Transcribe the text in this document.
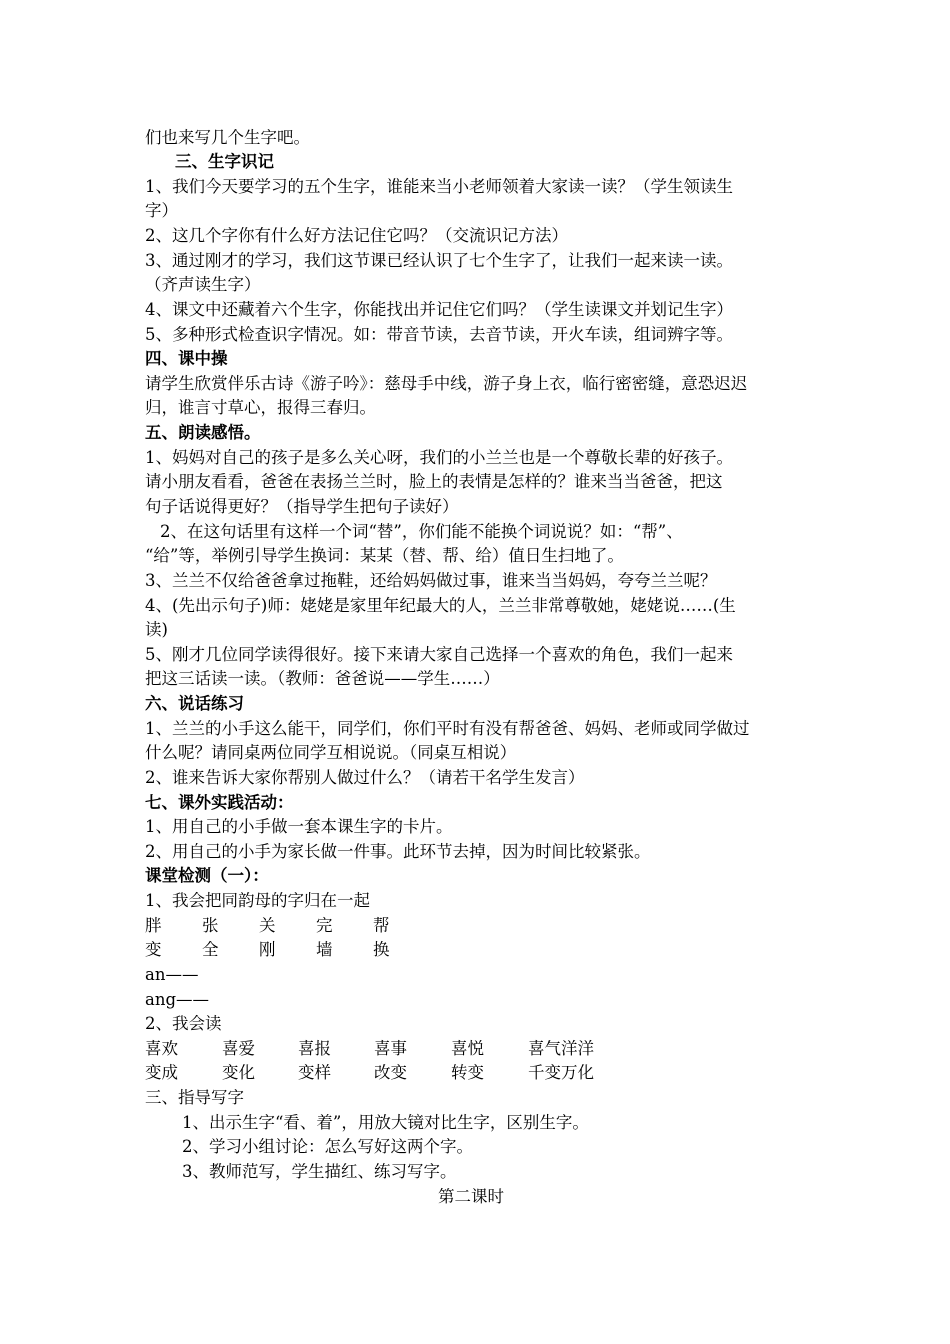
们也来写几个生字吧。

三、生字识记

1、我们今天要学习的五个生字，谁能来当小老师领着大家读一读？（学生领读生

字）

2、这几个字你有什么好方法记住它吗？（交流识记方法）

3、通过刚才的学习，我们这节课已经认识了七个生字了，让我们一起来读一读。

（齐声读生字）

4、课文中还藏着六个生字，你能找出并记住它们吗？（学生读课文并划记生字）

5、多种形式检查识字情况。如：带音节读，去音节读，开火车读，组词辨字等。

四、课中操

请学生欣赏伴乐古诗《游子吟》：慈母手中线，游子身上衣，临行密密缝，意恐迟迟

归，谁言寸草心，报得三春归。

五、朗读感悟。

1、妈妈对自己的孩子是多么关心呀，我们的小兰兰也是一个尊敬长辈的好孩子。

请小朋友看看，爸爸在表扬兰兰时，脸上的表情是怎样的？谁来当当爸爸，把这

句子话说得更好？（指导学生把句子读好）

2、在这句话里有这样一个词“替”，你们能不能换个词说说？如：“帮”、

“给”等，举例引导学生换词：某某（替、帮、给）值日生扫地了。

3、兰兰不仅给爸爸拿过拖鞋，还给妈妈做过事，谁来当当妈妈，夸夸兰兰呢？

4、(先出示句子)师：姥姥是家里年纪最大的人，兰兰非常尊敬她，姥姥说……(生

读)

5、刚才几位同学读得很好。接下来请大家自己选择一个喜欢的角色，我们一起来

把这三话读一读。（教师：爸爸说——学生……）

六、说话练习

1、兰兰的小手这么能干，同学们，你们平时有没有帮爸爸、妈妈、老师或同学做过

什么呢？请同桌两位同学互相说说。（同桌互相说）

2、谁来告诉大家你帮别人做过什么？（请若干名学生发言）

七、课外实践活动：

1、用自己的小手做一套本课生字的卡片。

2、用自己的小手为家长做一件事。此环节去掉，因为时间比较紧张。

课堂检测（一）：

1、我会把同韵母的字归在一起

胖 张 关 完 帮
变 全 刚 墙 换

an——

ang——

2、我会读

喜欢	喜爱	喜报	喜事	喜悦	喜气洋洋
变成	变化	变样	改变	转变	千变万化

三、指导写字

1、出示生字“看、着”，用放大镜对比生字，区别生字。

2、学习小组讨论：怎么写好这两个字。

3、教师范写，学生描红、练习写字。

第二课时
